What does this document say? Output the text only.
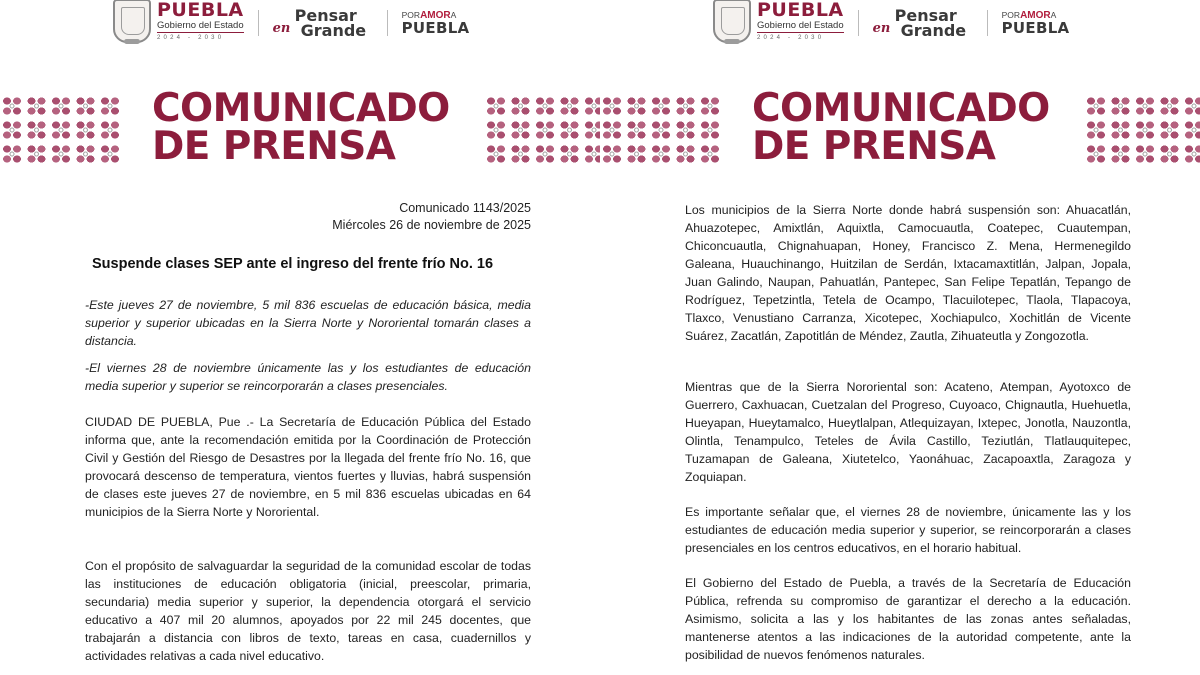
PUEBLA
Gobierno del Estado
2024 - 2030
Pensar
en Grande
PORAMORA
PUEBLA
COMUNICADO
DE PRENSA
Comunicado 1143/2025
Miércoles 26 de noviembre de 2025
Suspende clases SEP ante el ingreso del frente frío No. 16

-Este jueves 27 de noviembre, 5 mil 836 escuelas de educación básica, media superior y superior ubicadas en la Sierra Norte y Nororiental tomarán clases a distancia.

-El viernes 28 de noviembre únicamente las y los estudiantes de educación media superior y superior se reincorporarán a clases presenciales.

CIUDAD DE PUEBLA, Pue .- La Secretaría de Educación Pública del Estado informa que, ante la recomendación emitida por la Coordinación de Protección Civil y Gestión del Riesgo de Desastres por la llegada del frente frío No. 16, que provocará descenso de temperatura, vientos fuertes y lluvias, habrá suspensión de clases este jueves 27 de noviembre, en 5 mil 836 escuelas ubicadas en 64 municipios de la Sierra Norte y Nororiental.

Con el propósito de salvaguardar la seguridad de la comunidad escolar de todas las instituciones de educación obligatoria (inicial, preescolar, primaria, secundaria) media superior y superior, la dependencia otorgará el servicio educativo a 407 mil 20 alumnos, apoyados por 22 mil 245 docentes, que trabajarán a distancia con libros de texto, tareas en casa, cuadernillos y actividades relativas a cada nivel educativo.

PUEBLA
Gobierno del Estado
2024 - 2030
Pensar
en Grande
PORAMORA
PUEBLA
COMUNICADO
DE PRENSA

Los municipios de la Sierra Norte donde habrá suspensión son: Ahuacatlán, Ahuazotepec, Amixtlán, Aquixtla, Camocuautla, Coatepec, Cuautempan, Chiconcuautla, Chignahuapan, Honey, Francisco Z. Mena, Hermenegildo Galeana, Huauchinango, Huitzilan de Serdán, Ixtacamaxtitlán, Jalpan, Jopala, Juan Galindo, Naupan, Pahuatlán, Pantepec, San Felipe Tepatlán, Tepango de Rodríguez, Tepetzintla, Tetela de Ocampo, Tlacuilotepec, Tlaola, Tlapacoya, Tlaxco, Venustiano Carranza, Xicotepec, Xochiapulco, Xochitlán de Vicente Suárez, Zacatlán, Zapotitlán de Méndez, Zautla, Zihuateutla y Zongozotla.

Mientras que de la Sierra Nororiental son: Acateno, Atempan, Ayotoxco de Guerrero, Caxhuacan, Cuetzalan del Progreso, Cuyoaco, Chignautla, Huehuetla, Hueyapan, Hueytamalco, Hueytlalpan, Atlequizayan, Ixtepec, Jonotla, Nauzontla, Olintla, Tenampulco, Teteles de Ávila Castillo, Teziutlán, Tlatlauquitepec, Tuzamapan de Galeana, Xiutetelco, Yaonáhuac, Zacapoaxtla, Zaragoza y Zoquiapan.

Es importante señalar que, el viernes 28 de noviembre, únicamente las y los estudiantes de educación media superior y superior, se reincorporarán a clases presenciales en los centros educativos, en el horario habitual.

El Gobierno del Estado de Puebla, a través de la Secretaría de Educación Pública, refrenda su compromiso de garantizar el derecho a la educación. Asimismo, solicita a las y los habitantes de las zonas antes señaladas, mantenerse atentos a las indicaciones de la autoridad competente, ante la posibilidad de nuevos fenómenos naturales.
